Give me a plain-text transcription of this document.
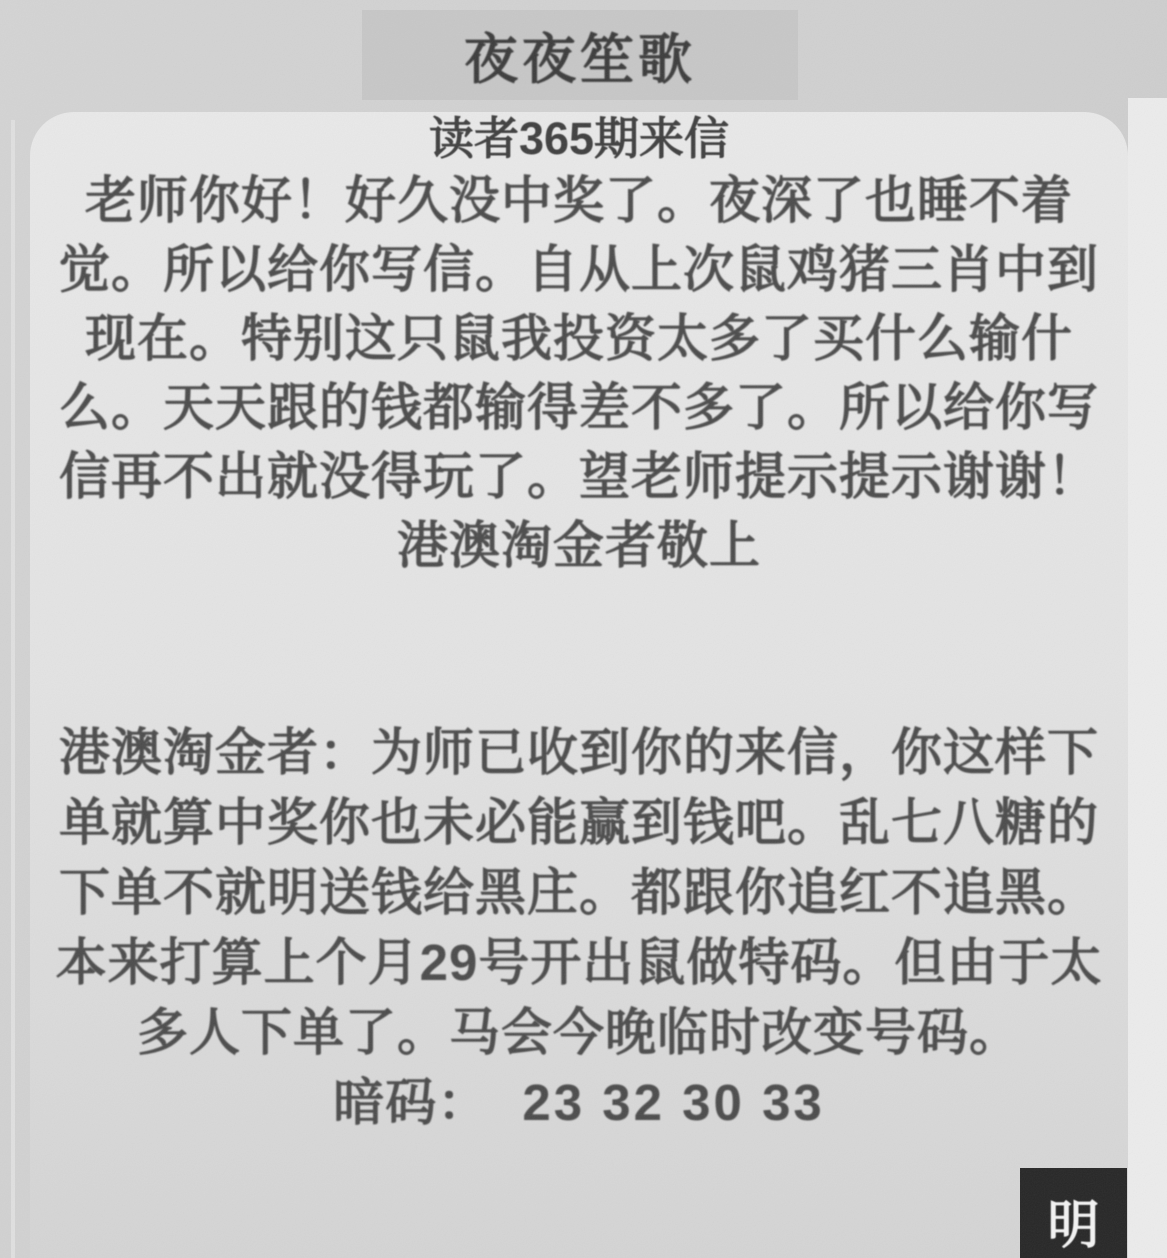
夜夜笙歌
读者365期来信
老师你好！好久没中奖了。夜深了也睡不着
觉。所以给你写信。自从上次鼠鸡猪三肖中到
现在。特别这只鼠我投资太多了买什么输什
么。天天跟的钱都输得差不多了。所以给你写
信再不出就没得玩了。望老师提示提示谢谢！
港澳淘金者敬上
港澳淘金者：为师已收到你的来信，你这样下
单就算中奖你也未必能赢到钱吧。乱七八糖的
下单不就明送钱给黑庄。都跟你追红不追黑。
本来打算上个月29号开出鼠做特码。但由于太
多人下单了。马会今晚临时改变号码。
暗码： 23 32 30 33
明
